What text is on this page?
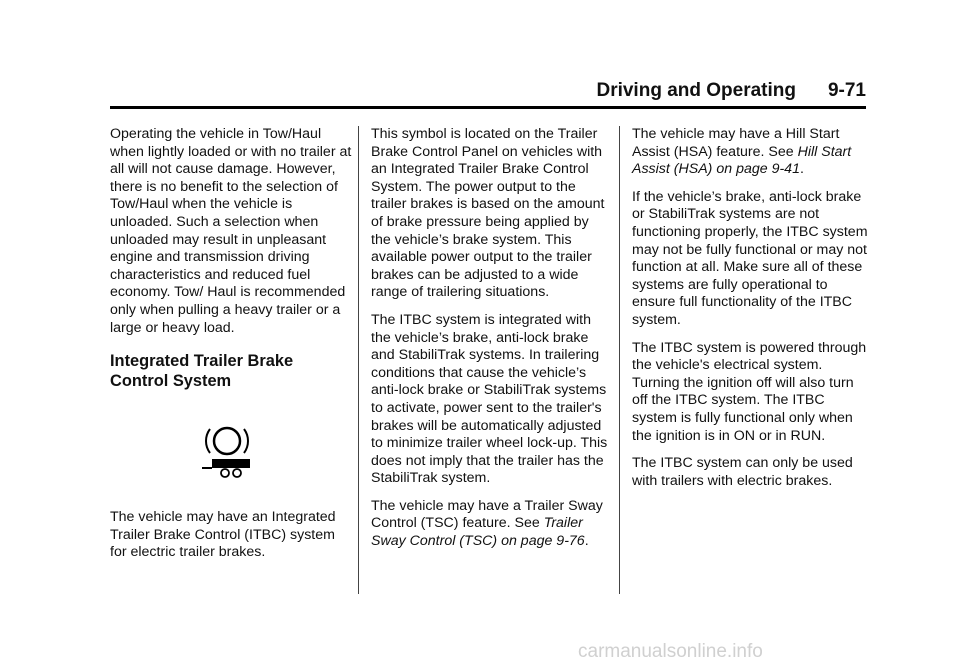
Driving and Operating 9-71

Operating the vehicle in Tow/Haul when lightly loaded or with no trailer at all will not cause damage. However, there is no benefit to the selection of Tow/Haul when the vehicle is unloaded. Such a selection when unloaded may result in unpleasant engine and transmission driving characteristics and reduced fuel economy. Tow/ Haul is recommended only when pulling a heavy trailer or a large or heavy load.

Integrated Trailer Brake
Control System

The vehicle may have an Integrated Trailer Brake Control (ITBC) system for electric trailer brakes.

This symbol is located on the Trailer Brake Control Panel on vehicles with an Integrated Trailer Brake Control System. The power output to the trailer brakes is based on the amount of brake pressure being applied by the vehicle’s brake system. This available power output to the trailer brakes can be adjusted to a wide range of trailering situations.

The ITBC system is integrated with the vehicle’s brake, anti-lock brake and StabiliTrak systems. In trailering conditions that cause the vehicle’s anti-lock brake or StabiliTrak systems to activate, power sent to the trailer's brakes will be automatically adjusted to minimize trailer wheel lock-up. This does not imply that the trailer has the StabiliTrak system.

The vehicle may have a Trailer Sway Control (TSC) feature. See Trailer Sway Control (TSC) on page 9-76.

The vehicle may have a Hill Start Assist (HSA) feature. See Hill Start Assist (HSA) on page 9-41.

If the vehicle’s brake, anti-lock brake or StabiliTrak systems are not functioning properly, the ITBC system may not be fully functional or may not function at all. Make sure all of these systems are fully operational to ensure full functionality of the ITBC system.

The ITBC system is powered through the vehicle's electrical system. Turning the ignition off will also turn off the ITBC system. The ITBC system is fully functional only when the ignition is in ON or in RUN.

The ITBC system can only be used with trailers with electric brakes.

carmanualsonline.info
